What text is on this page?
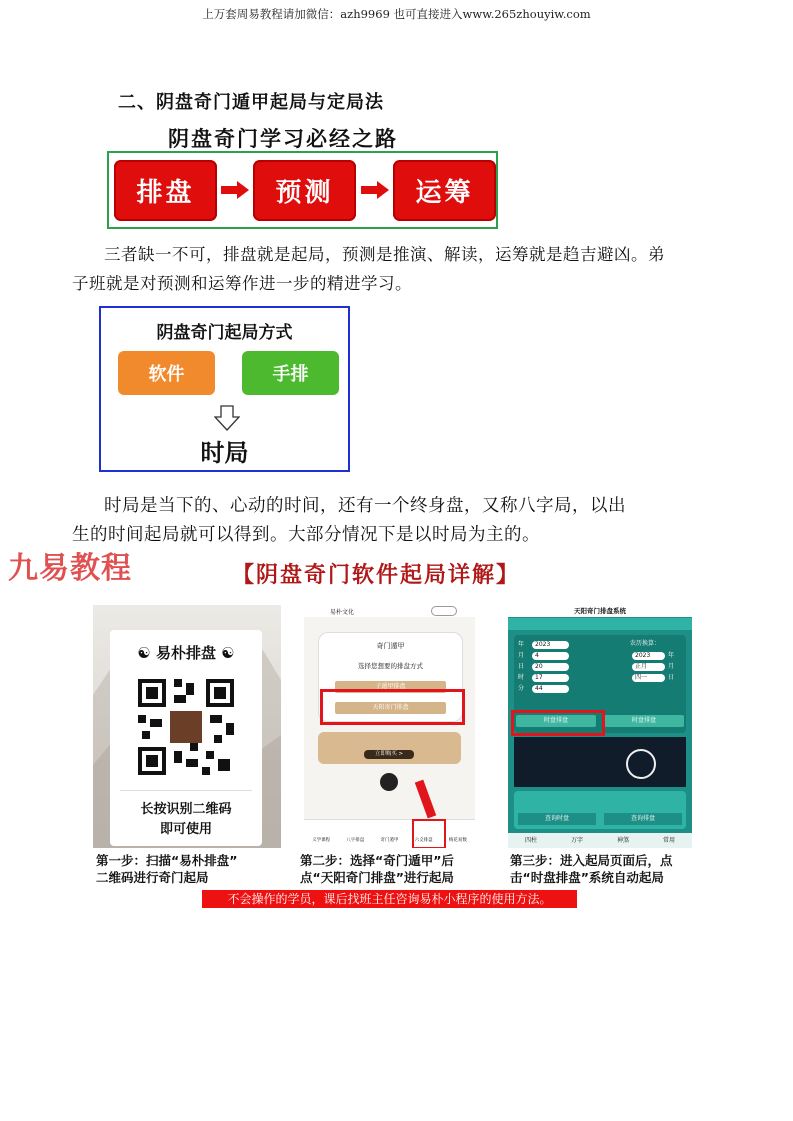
上万套周易教程请加微信：azh9969 也可直接进入www.265zhouyiw.com
二、阴盘奇门遁甲起局与定局法
阴盘奇门学习必经之路
排盘	预测	运筹
三者缺一不可，排盘就是起局，预测是推演、解读，运筹就是趋吉避凶。弟
子班就是对预测和运筹作进一步的精进学习。
阴盘奇门起局方式
软件	手排
时局
时局是当下的、心动的时间，还有一个终身盘，又称八字局，以出
生的时间起局就可以得到。大部分情况下是以时局为主的。
九易教程	【阴盘奇门软件起局详解】
☯ 易朴排盘 ☯
长按识别二维码
即可使用
易朴文化
奇门遁甲
选择您想要的排盘方式
子遁甲排盘
天阳奇门排盘
立即购买 >
义学课程	八字排盘	奇门遁甲	六爻排盘	梅花易数
天阳奇门排盘系统
年 2023
月 4
日 20
时 17
分 44
2023	年
正月	月
四一	日
农历换算：
时盘排盘	时盘排盘
查询时盘	查询排盘
四柱	万字	神煞	常用
第一步：扫描“易朴排盘”
二维码进行奇门起局
第二步：选择“奇门遁甲”后
点“天阳奇门排盘”进行起局
第三步：进入起局页面后，点
击“时盘排盘”系统自动起局
不会操作的学员，课后找班主任咨询易朴小程序的使用方法。
